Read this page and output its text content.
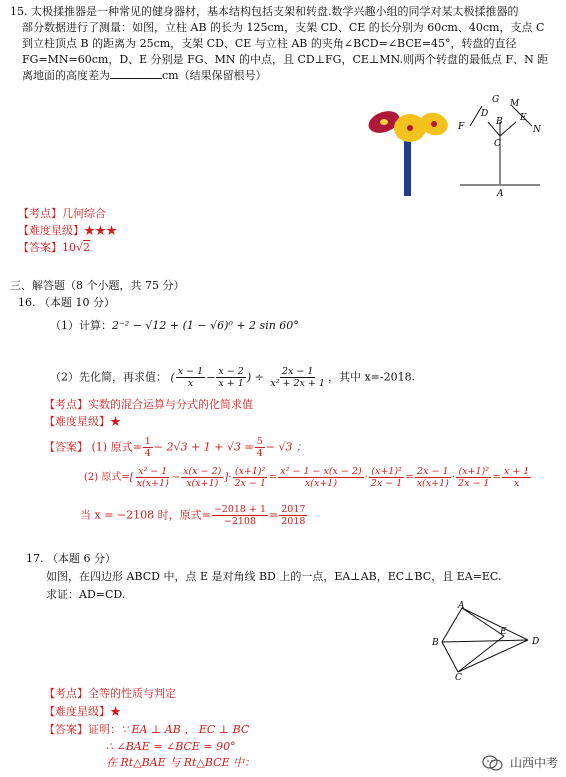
15. 太极揉推器是一种常见的健身器材，基本结构包括支架和转盘.数学兴趣小组的同学对某太极揉推器的
部分数据进行了测量：如图，立柱 AB 的长为 125cm，支架 CD、CE 的长分别为 60cm、40cm，支点 C
到立柱顶点 B 的距离为 25cm，支架 CD、CE 与立柱 AB 的夹角∠BCD=∠BCE=45°，转盘的直径
FG=MN=60cm，D、E 分别是 FG、MN 的中点，且 CD⊥FG，CE⊥MN.则两个转盘的最低点 F、N 距
离地面的高度差为	cm（结果保留根号）
G
D
F	B
M
E
N
C
A
【考点】几何综合
【难度星级】★★★
【答案】10√2
三、解答题（8 个小题，共 75 分）
16. （本题 10 分）
（1）计算：2⁻² − √12 + (1 − √6)⁰ + 2 sin 60°
（2）先化简，再求值： ( $\frac{x - 1}{x} - \frac{x - 2}{x + 1}$ ) ÷ $\frac{2x - 1}{\text{x² + 2x + 1}}$ ，其中 x=-2018.
【考点】实数的混合运算与分式的化简求值
【难度星级】★
【答案】 (1) 原式= $\frac{1}{4} - 2√3 + 1 + √3 = \frac{5}{4} - √3$ ；
(2) 原式=[ $\frac{\text{x² − 1}}{x(x+1)} - \frac{x(x - 2)}{x(x+1)}$ ]· $\frac{\text{(x+1)²}}{2x - 1} = \frac{\text{x² − 1 − x(x − 2)}}{x(x+1)} \cdot \frac{\text{(x+1)²}}{2x - 1} = \frac{2x - 1}{x(x+1)} \cdot \frac{\text{(x+1)²}}{2x - 1} = \frac{x + 1}{x}$
当 x = −2108 时，原式= $\frac{-2018 + 1}{-2108} = \frac{2017}{2018}$
17. （本题 6 分）
如图，在四边形 ABCD 中，点 E 是对角线 BD 上的一点，EA⊥AB，EC⊥BC，且 EA=EC.
求证：AD=CD.
A
B
E
D
C
【考点】全等的性质与判定
【难度星级】★
【答案】证明：∵ EA ⊥ AB ， EC ⊥ BC
∴ ∠BAE = ∠BCE = 90°
在 Rt△BAE 与 Rt△BCE 中：	山西中考
